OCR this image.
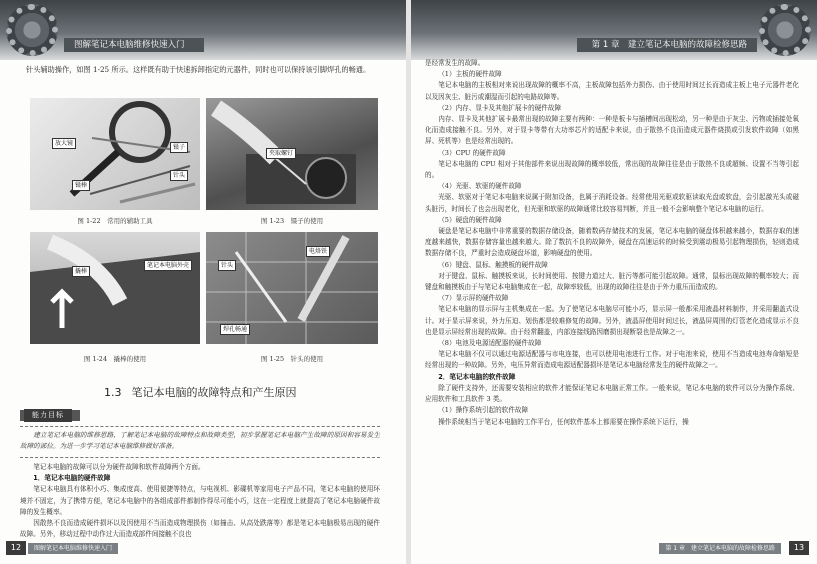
图解笔记本电脑维修快速入门
针头辅助操作，如图 1-25 所示。这样既有助于快速拆卸指定的元器件，同时也可以保持该引脚焊孔的畅通。
放大镜
镊子
针头
镊棒
图 1-22　常用的辅助工具
夹取螺钉
图 1-23　镊子的使用
撬棒
笔记本电脑外壳
图 1-24　撬棒的使用
针头
电烙铁
焊孔畅通
图 1-25　针头的使用
1.3 笔记本电脑的故障特点和产生原因
能力目标
建立笔记本电脑的维修思路，了解笔记本电脑的故障特点和故障类型，初步掌握笔记本电脑产生故障的原因和容易发生故障的部位。为进一步学习笔记本电脑维修做好准备。
笔记本电脑的故障可以分为硬件故障和软件故障两个方面。
1．笔记本电脑的硬件故障
笔记本电脑具有体积小巧、集成度高、使用便捷等特点，与电视机、影碟机等家用电子产品不同，笔记本电脑的使用环境并不固定，为了携带方便，笔记本电脑中的各组成部件都制作得尽可能小巧，这在一定程度上就提高了笔记本电脑硬件故障的发生概率。
因散热不良而造成硬件损坏以及因使用不当而造成物理损伤（如撞击、从高处跌落等）都是笔记本电脑极易出现的硬件故障。另外，移动过程中动作过大而造成部件间接触不良也
12	图解笔记本电脑维修快速入门
第 1 章　建立笔记本电脑的故障检修思路
是经常发生的故障。
（1）主板的硬件故障
笔记本电脑的主板相对来说出现故障的概率不高，主板故障包括外力损伤、由于使用时间过长而造成主板上电子元器件老化以及因灰尘、脏污或潮湿而引起的电路故障等。
（2）内存、显卡及其他扩展卡的硬件故障
内存、显卡及其他扩展卡最常出现的故障主要有两种：一种是板卡与插槽间出现松动，另一种是由于灰尘、污物或插接处氧化而造成接触不良。另外，对于显卡等带有大功率芯片的适配卡来说，由于散热不良而造成元器件烧损或引发软件故障（如黑屏、死机等）也是经常出现的。
（3）CPU 的硬件故障
笔记本电脑的 CPU 相对于其他部件来说出现故障的概率较低，常出现的故障往往是由于散热不良或超频、设置不当等引起的。
（4）光驱、软驱的硬件故障
光驱、软驱对于笔记本电脑来说属于附加设备，也属于消耗设备。经常使用光驱或软驱读取光盘或软盘，会引起激光头或磁头脏污，时间长了也会出现老化，但光驱和软驱的故障通常比较容易判断，并且一般不会影响整个笔记本电脑的运行。
（5）硬盘的硬件故障
硬盘是笔记本电脑中非常重要的数据存储设备，随着数码存储技术的发展，笔记本电脑的硬盘体积越来越小，数据存取的速度越来越快，数据存储容量也越来越大。除了数抗不良的故障外，硬盘在高速运转的时候受到震动极易引起物理损伤，轻则造成数据存储不良，严重时会造成硬盘坏道，影响硬盘的使用。
（6）键盘、鼠标、触摸板的硬件故障
对于键盘、鼠标、触摸板来说，长时间使用、按键力道过大、脏污等都可能引起故障。通常，鼠标出现故障的概率较大；而键盘和触摸板由于与笔记本电脑集成在一起，故障率较低，出现的故障往往是由于外力重压而造成的。
（7）显示屏的硬件故障
笔记本电脑的显示屏与主机集成在一起。为了使笔记本电脑尽可能小巧，显示屏一般都采用液晶材料制作，并采用翻盖式设计。对于显示屏来说，外力压迫、划伤都是较难修复的故障。另外，液晶屏使用时间过长，液晶屏周围的灯管老化造成显示不良也是显示屏经常出现的故障。由于经常翻盖，内部连接线路因磨损出现断裂也是故障之一。
（8）电池及电源适配器的硬件故障
笔记本电脑不仅可以通过电源适配器与市电连接，也可以使用电池进行工作。对于电池来说，使用不当造成电池寿命缩短是经常出现的一种故障。另外，电压异常而造成电源适配器损坏是笔记本电脑经常发生的硬件故障之一。
2．笔记本电脑的软件故障
除了硬件支持外，还需要安装相应的软件才能保证笔记本电脑正常工作。一般来说，笔记本电脑的软件可以分为操作系统、应用软件和工具软件 3 类。
（1）操作系统引起的软件故障
操作系统相当于笔记本电脑的工作平台，任何软件基本上都需要在操作系统下运行，操
第 1 章　建立笔记本电脑的故障检修思路	13
